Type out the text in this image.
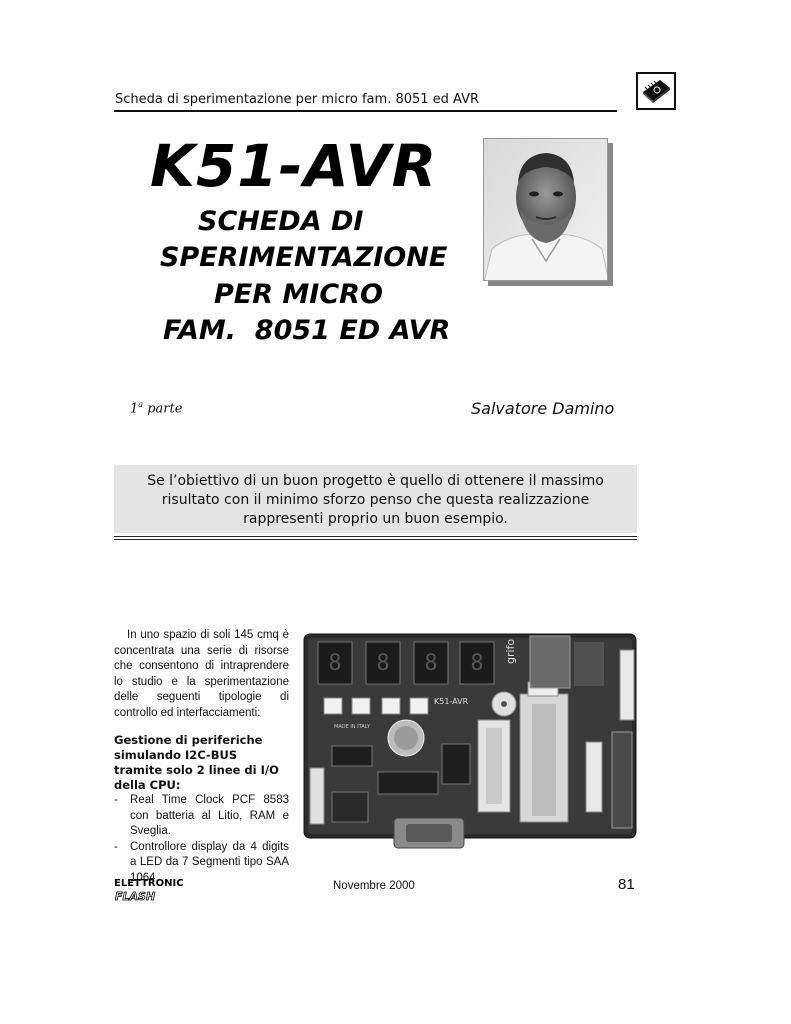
Scheda di sperimentazione per micro fam. 8051 ed AVR
K51-AVR
SCHEDA DI
SPERIMENTAZIONE
PER MICRO
FAM.  8051 ED AVR
1$^a$ parte	Salvatore Damino
Se l’obiettivo di un buon progetto è quello di ottenere il massimo risultato con il minimo sforzo penso che questa realizzazione rappresenti proprio un buon esempio.

In uno spazio di soli 145 cmq è concentrata una serie di risorse che consentono di intraprendere lo studio e la sperimentazione delle seguenti tipologie di controllo ed interfacciamenti:

Gestione di periferiche simulando I2C-BUS tramite solo 2 linee di I/O della CPU:

- Real Time Clock PCF 8583 con batteria al Litio, RAM e Sveglia.
- Controllore display da 4 digits a LED da 7 Segmenti tipo SAA 1064.
8 8 8 8 grifo
K51-AVR
MADE IN ITALY
ELETTRONIC
FLASH
Novembre 2000	81
